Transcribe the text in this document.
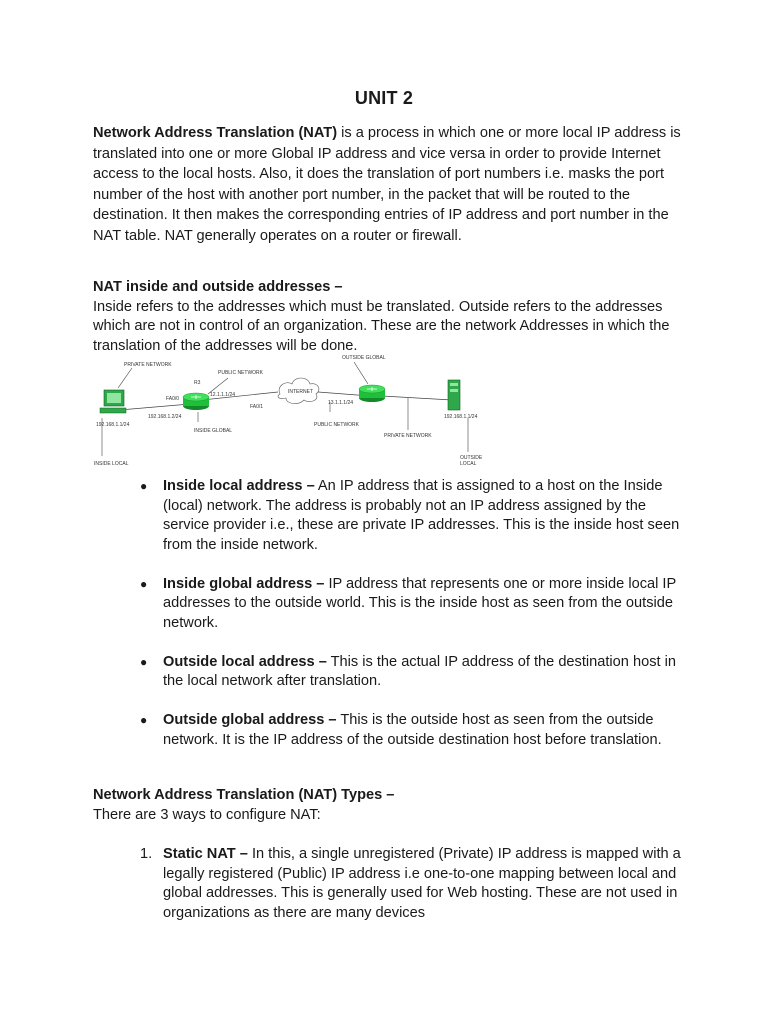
UNIT 2

Network Address Translation (NAT) is a process in which one or more local IP address is translated into one or more Global IP address and vice versa in order to provide Internet access to the local hosts. Also, it does the translation of port numbers i.e. masks the port number of the host with another port number, in the packet that will be routed to the destination. It then makes the corresponding entries of IP address and port number in the NAT table. NAT generally operates on a router or firewall.

NAT inside and outside addresses –
Inside refers to the addresses which must be translated. Outside refers to the addresses which are not in control of an organization. These are the network Addresses in which the translation of the addresses will be done.

PRIVATE NETWORK
PUBLIC NETWORK
OUTSIDE GLOBAL
R3
12.1.1.1/24
FA0/0
FA0/1
INTERNET
13.1.1.1/24
192.168.1.1/24
192.168.1.2/24	192.168.1.1/24
INSIDE GLOBAL
PUBLIC NETWORK
PRIVATE NETWORK
INSIDE LOCAL
OUTSIDE
LOCAL
● Inside local address – An IP address that is assigned to a host on the Inside (local) network. The address is probably not an IP address assigned by the service provider i.e., these are private IP addresses. This is the inside host seen from the inside network.
● Inside global address – IP address that represents one or more inside local IP addresses to the outside world. This is the inside host as seen from the outside network.
● Outside local address – This is the actual IP address of the destination host in the local network after translation.
● Outside global address – This is the outside host as seen from the outside network. It is the IP address of the outside destination host before translation.

Network Address Translation (NAT) Types –
There are 3 ways to configure NAT:

1. Static NAT – In this, a single unregistered (Private) IP address is mapped with a legally registered (Public) IP address i.e one-to-one mapping between local and global addresses. This is generally used for Web hosting. These are not used in organizations as there are many devices
